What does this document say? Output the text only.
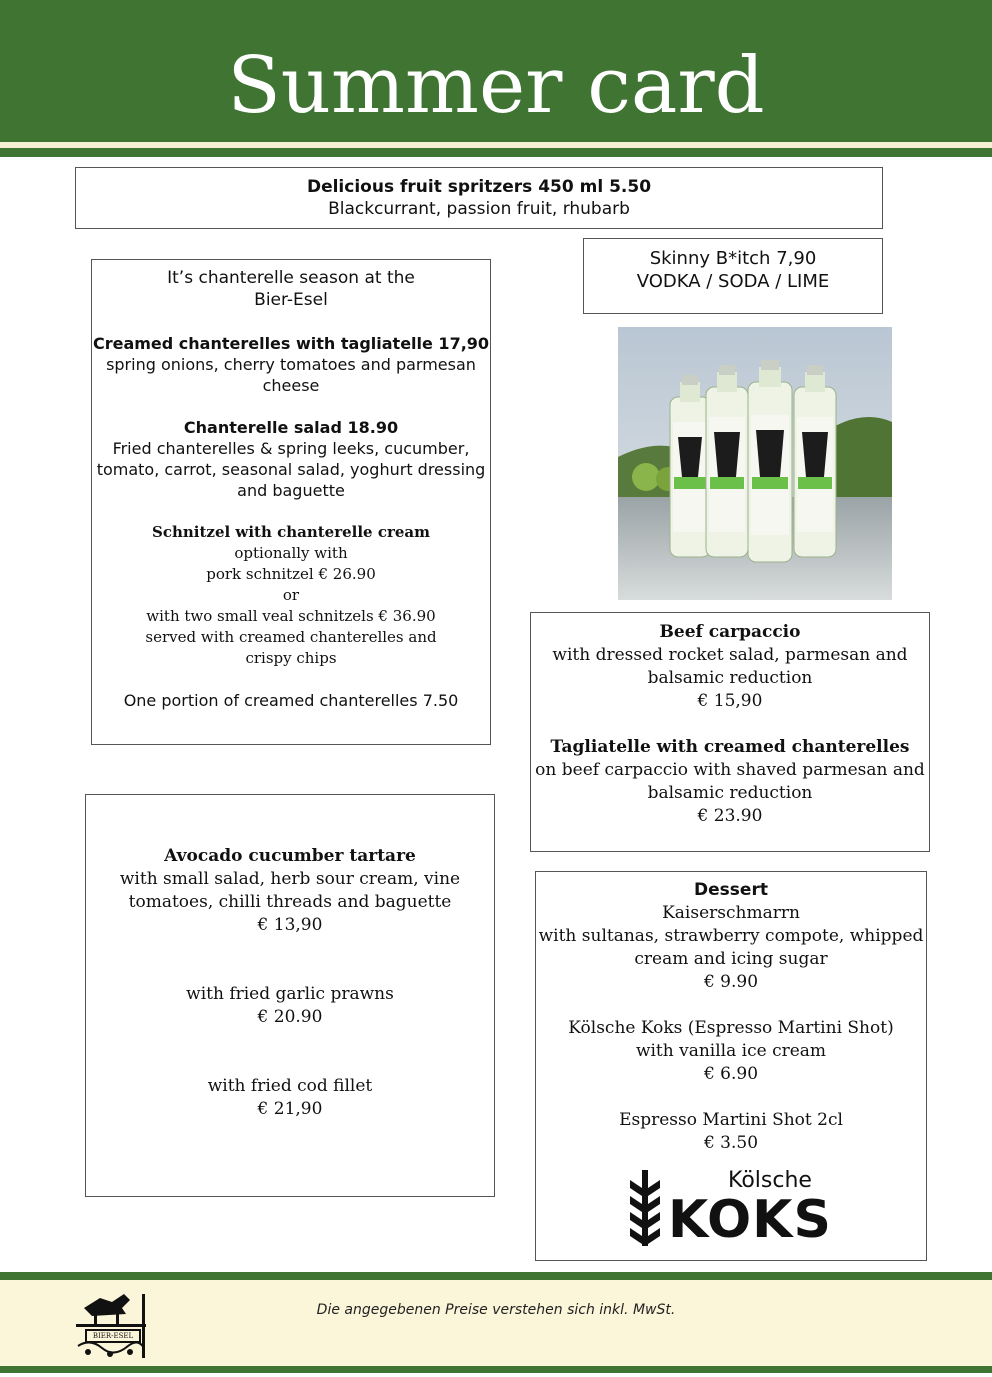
Summer card
Delicious fruit spritzers 450 ml 5.50
Blackcurrant, passion fruit, rhubarb
Skinny B*itch 7,90
VODKA / SODA / LIME
It’s chanterelle season at the
Bier-Esel
Creamed chanterelles with tagliatelle 17,90
spring onions, cherry tomatoes and parmesan
cheese
Chanterelle salad 18.90
Fried chanterelles & spring leeks, cucumber,
tomato, carrot, seasonal salad, yoghurt dressing
and baguette
Schnitzel with chanterelle cream
optionally with
pork schnitzel € 26.90
or
with two small veal schnitzels € 36.90
served with creamed chanterelles and
crispy chips
One portion of creamed chanterelles 7.50
Beef carpaccio
with dressed rocket salad, parmesan and
balsamic reduction
€ 15,90
Tagliatelle with creamed chanterelles
on beef carpaccio with shaved parmesan and
balsamic reduction
€ 23.90
Avocado cucumber tartare
with small salad, herb sour cream, vine
tomatoes, chilli threads and baguette
€ 13,90
with fried garlic prawns
€ 20.90
with fried cod fillet
€ 21,90
Dessert
Kaiserschmarrn
with sultanas, strawberry compote, whipped
cream and icing sugar
€ 9.90
Kölsche Koks (Espresso Martini Shot)
with vanilla ice cream
€ 6.90
Espresso Martini Shot 2cl
€ 3.50
Kölsche
KOKS
Die angegebenen Preise verstehen sich inkl. MwSt.
BIER-ESEL
